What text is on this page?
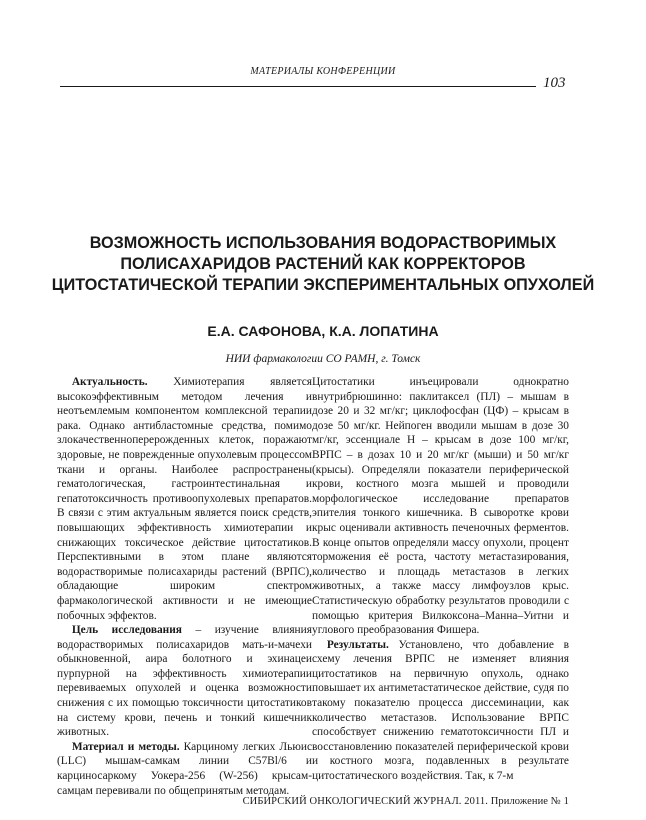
МАТЕРИАЛЫ КОНФЕРЕНЦИИ
103
ВОЗМОЖНОСТЬ ИСПОЛЬЗОВАНИЯ ВОДОРАСТВОРИМЫХ ПОЛИСАХАРИДОВ РАСТЕНИЙ КАК КОРРЕКТОРОВ ЦИТОСТАТИЧЕСКОЙ ТЕРАПИИ ЭКСПЕРИМЕНТАЛЬНЫХ ОПУХОЛЕЙ
Е.А. САФОНОВА, К.А. ЛОПАТИНА
НИИ фармакологии СО РАМН, г. Томск

Актуальность. Химиотерапия является высокоэффективным методом лечения и неотъемлемым компонентом комплексной терапии рака. Однако антибластомные средства, помимо злокачественноперерожденных клеток, поражают здоровые, не поврежденные опухолевым процессом ткани и органы. Наиболее распространены гематологическая, гастроинтестинальная и гепатотоксичность противоопухолевых препаратов. В связи с этим актуальным является поиск средств, повышающих эффективность химиотерапии и снижающих токсическое действие цитостатиков. Перспективными в этом плане являются водорастворимые полисахариды растений (ВРПС), обладающие широким спектром фармакологической активности и не имеющие побочных эффектов.

Цель исследования – изучение влияния водорастворимых полисахаридов мать-и-мачехи обыкновенной, аира болотного и эхинацеи пурпурной на эффективность химиотерапии перевиваемых опухолей и оценка возможности снижения с их помощью токсичности цитостатиков на систему крови, печень и тонкий кишечник животных.

Материал и методы. Карциному легких Льюис (LLC) мышам-самкам линии C57Bl/6 и карциносаркому Уокера-256 (W-256) крысам-самцам перевивали по общепринятым методам.

Цитостатики инъецировали однократно внутрибрюшинно: паклитаксел (ПЛ) – мышам в дозе 20 и 32 мг/кг; циклофосфан (ЦФ) – крысам в дозе 50 мг/кг. Нейпоген вводили мышам в дозе 30 мг/кг, эссенциале Н – крысам в дозе 100 мг/кг, ВРПС – в дозах 10 и 20 мг/кг (мыши) и 50 мг/кг (крысы). Определяли показатели периферической крови, костного мозга мышей и проводили морфологическое исследование препаратов эпителия тонкого кишечника. В сыворотке крови крыс оценивали активность печеночных ферментов. В конце опытов определяли массу опухоли, процент торможения её роста, частоту метастазирования, количество и площадь метастазов в легких животных, а также массу лимфоузлов крыс. Статистическую обработку результатов проводили с помощью критерия Вилкоксона–Манна–Уитни и углового преобразования Фишера.

Результаты. Установлено, что добавление в схему лечения ВРПС не изменяет влияния цитостатиков на первичную опухоль, однако повышает их антиметастатическое действие, судя по такому показателю процесса диссеминации, как количество метастазов. Использование ВРПС способствует снижению гематотоксичности ПЛ и восстановлению показателей периферической крови и костного мозга, подавленных в результате цитостатического воздействия. Так, к 7-м

СИБИРСКИЙ ОНКОЛОГИЧЕСКИЙ ЖУРНАЛ. 2011. Приложение № 1
